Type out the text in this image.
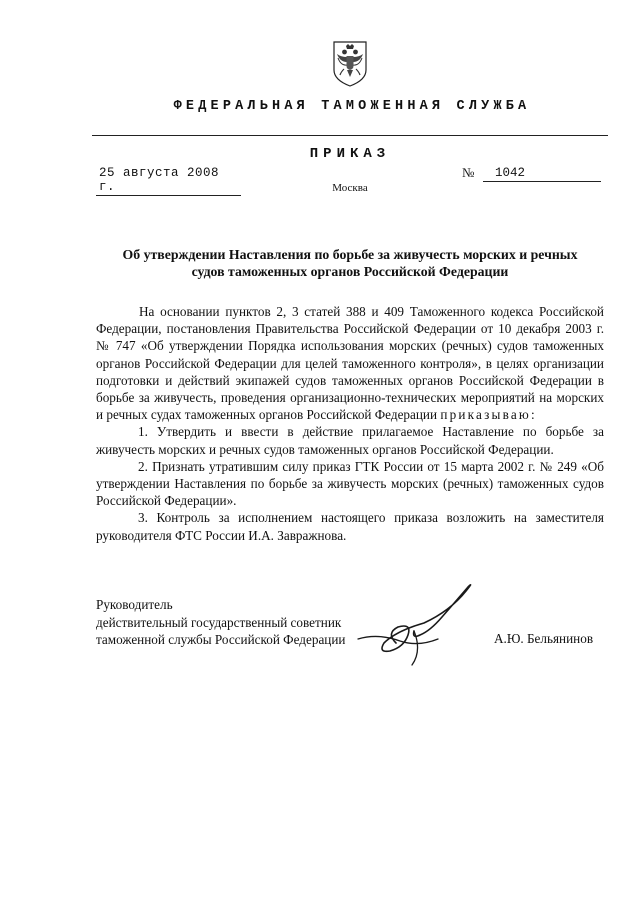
ФЕДЕРАЛЬНАЯ ТАМОЖЕННАЯ СЛУЖБА
ПРИКАЗ
25 августа 2008 г.
№	1042
Москва
Об утверждении Наставления по борьбе за живучесть морских и речных
судов таможенных органов Российской Федерации

На основании пунктов 2, 3 статей 388 и 409 Таможенного кодекса Российской Федерации, постановления Правительства Российской Федерации от 10 декабря 2003 г. № 747 «Об утверждении Порядка использования морских (речных) судов таможенных органов Российской Федерации для целей таможенного контроля», в целях организации подготовки и действий экипажей судов таможенных органов Российской Федерации в борьбе за живучесть, проведения организационно-технических мероприятий на морских и речных судах таможенных органов Российской Федерации приказываю:

1. Утвердить и ввести в действие прилагаемое Наставление по борьбе за живучесть морских и речных судов таможенных органов Российской Федерации.

2. Признать утратившим силу приказ ГТК России от 15 марта 2002 г. № 249 «Об утверждении Наставления по борьбе за живучесть морских (речных) таможенных судов Российской Федерации».

3. Контроль за исполнением настоящего приказа возложить на заместителя руководителя ФТС России И.А. Завражнова.

Руководитель
действительный государственный советник
таможенной службы Российской Федерации	А.Ю. Бельянинов
